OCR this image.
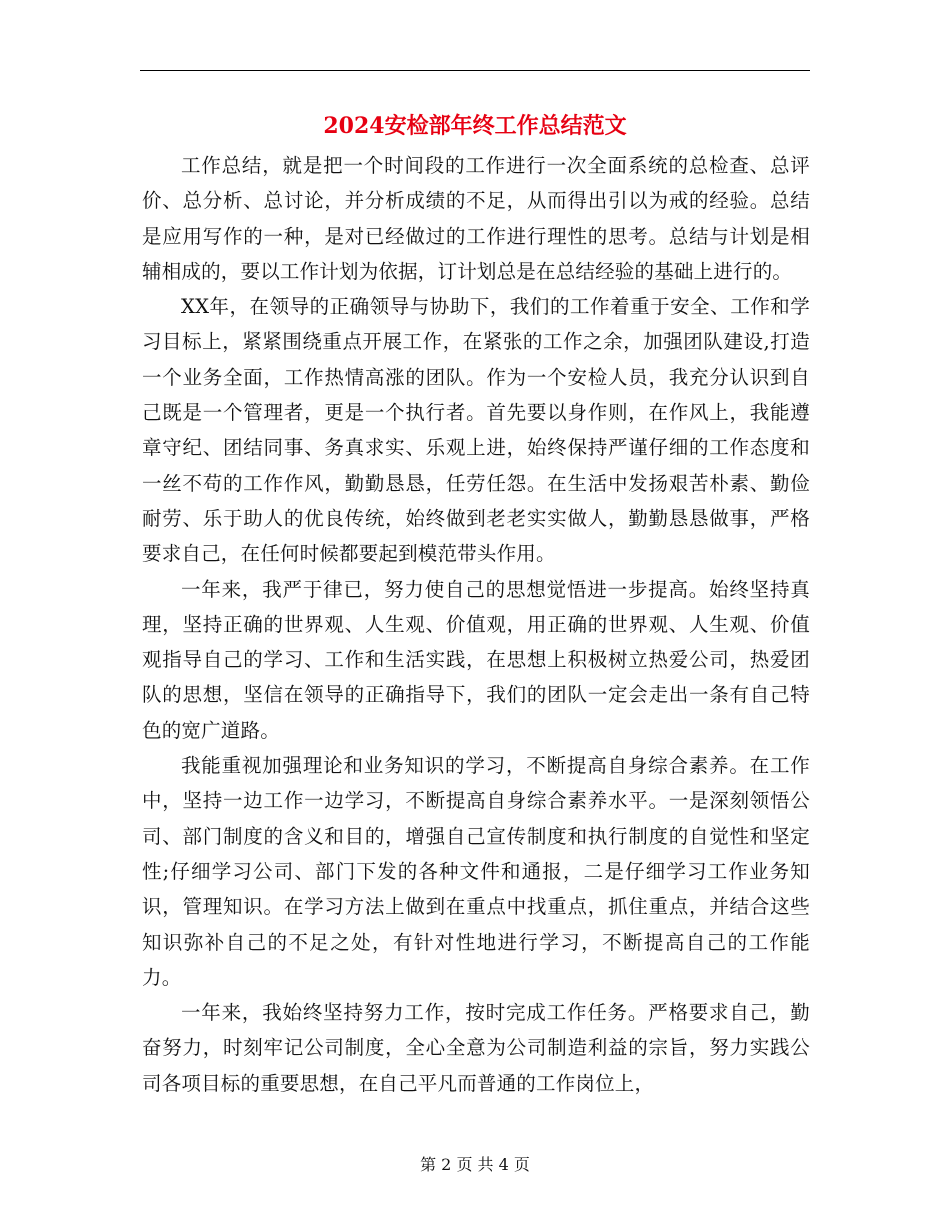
2024安检部年终工作总结范文

工作总结，就是把一个时间段的工作进行一次全面系统的总检查、总评价、总分析、总讨论，并分析成绩的不足，从而得出引以为戒的经验。总结是应用写作的一种，是对已经做过的工作进行理性的思考。总结与计划是相辅相成的，要以工作计划为依据，订计划总是在总结经验的基础上进行的。

XX年，在领导的正确领导与协助下，我们的工作着重于安全、工作和学习目标上，紧紧围绕重点开展工作，在紧张的工作之余，加强团队建设,打造一个业务全面，工作热情高涨的团队。作为一个安检人员，我充分认识到自己既是一个管理者，更是一个执行者。首先要以身作则，在作风上，我能遵章守纪、团结同事、务真求实、乐观上进，始终保持严谨仔细的工作态度和一丝不苟的工作作风，勤勤恳恳，任劳任怨。在生活中发扬艰苦朴素、勤俭耐劳、乐于助人的优良传统，始终做到老老实实做人，勤勤恳恳做事，严格要求自己，在任何时候都要起到模范带头作用。

一年来，我严于律已，努力使自己的思想觉悟进一步提高。始终坚持真理，坚持正确的世界观、人生观、价值观，用正确的世界观、人生观、价值观指导自己的学习、工作和生活实践，在思想上积极树立热爱公司，热爱团队的思想，坚信在领导的正确指导下，我们的团队一定会走出一条有自己特色的宽广道路。

我能重视加强理论和业务知识的学习，不断提高自身综合素养。在工作中，坚持一边工作一边学习，不断提高自身综合素养水平。一是深刻领悟公司、部门制度的含义和目的，增强自己宣传制度和执行制度的自觉性和坚定性;仔细学习公司、部门下发的各种文件和通报，二是仔细学习工作业务知识，管理知识。在学习方法上做到在重点中找重点，抓住重点，并结合这些知识弥补自己的不足之处，有针对性地进行学习，不断提高自己的工作能力。

一年来，我始终坚持努力工作，按时完成工作任务。严格要求自己，勤奋努力，时刻牢记公司制度，全心全意为公司制造利益的宗旨，努力实践公司各项目标的重要思想，在自己平凡而普通的工作岗位上，

第 2 页 共 4 页
